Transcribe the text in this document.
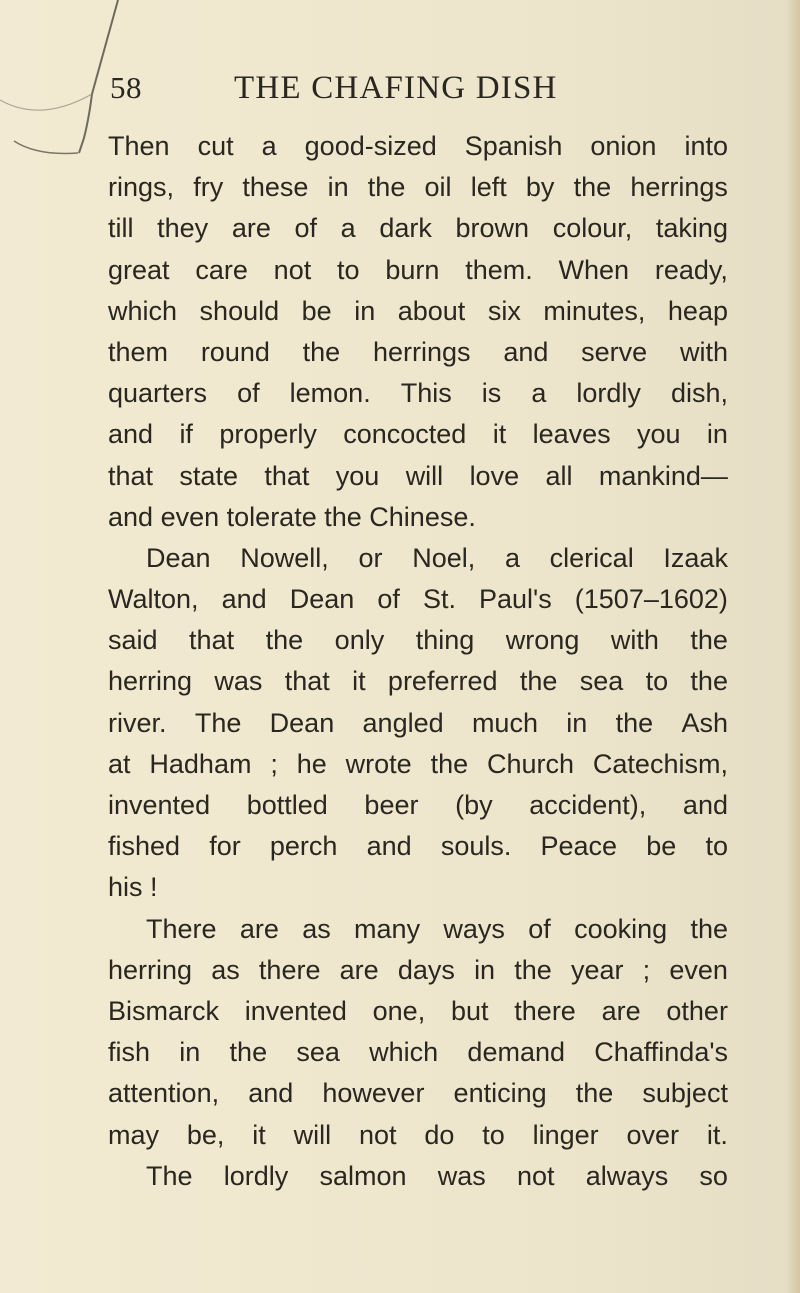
58	THE CHAFING DISH
Then cut a good-sized Spanish onion into
rings, fry these in the oil left by the herrings
till they are of a dark brown colour, taking
great care not to burn them. When ready,
which should be in about six minutes, heap
them round the herrings and serve with
quarters of lemon. This is a lordly dish,
and if properly concocted it leaves you in
that state that you will love all mankind—
and
even
tolerate
the
Chinese.
Dean Nowell, or Noel, a clerical Izaak
Walton, and Dean of St. Paul's (1507–1602)
said that the only thing wrong with the
herring was that it preferred the sea to the
river. The Dean angled much in the Ash
at Hadham ; he wrote the Church Catechism,
invented bottled beer (by accident), and
fished for perch and souls. Peace be to
his
!
There are as many ways of cooking the
herring as there are days in the year ; even
Bismarck invented one, but there are other
fish in the sea which demand Chaffinda's
attention, and however enticing the subject
may be, it will not do to linger over it.
The lordly salmon was not always so
